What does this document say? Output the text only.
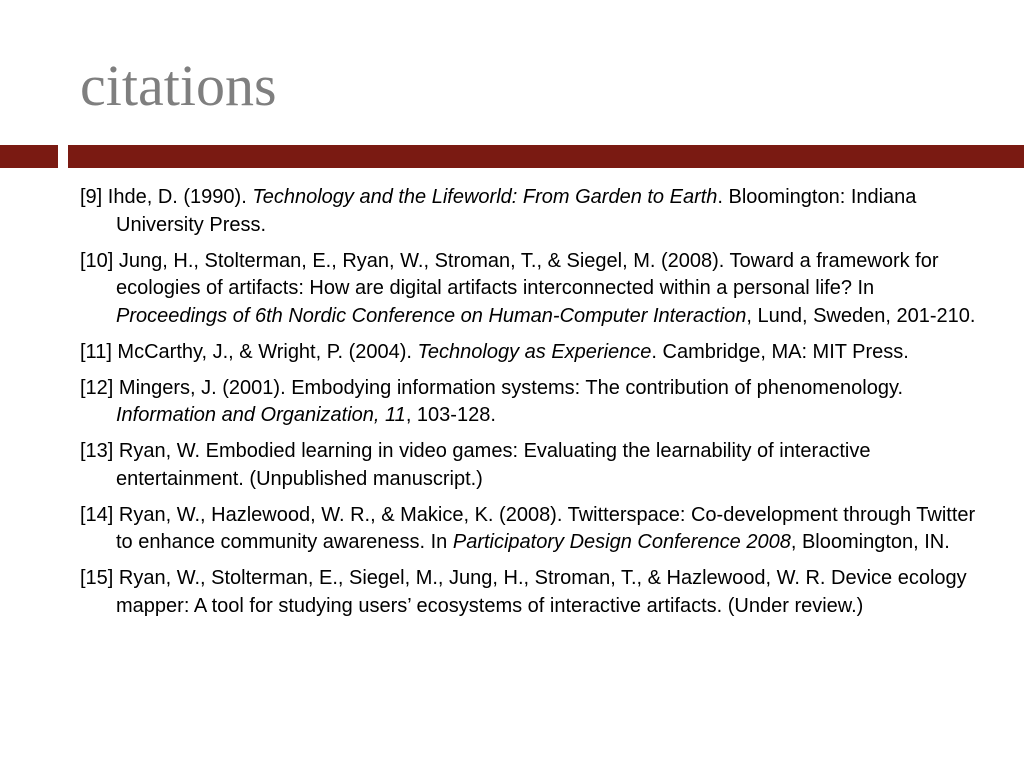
citations
[9] Ihde, D. (1990). Technology and the Lifeworld: From Garden to Earth. Bloomington: Indiana University Press.
[10] Jung, H., Stolterman, E., Ryan, W., Stroman, T., & Siegel, M. (2008). Toward a framework for ecologies of artifacts: How are digital artifacts interconnected within a personal life? In Proceedings of 6th Nordic Conference on Human-Computer Interaction, Lund, Sweden, 201-210.
[11] McCarthy, J., & Wright, P. (2004). Technology as Experience. Cambridge, MA: MIT Press.
[12] Mingers, J. (2001). Embodying information systems: The contribution of phenomenology. Information and Organization, 11, 103-128.
[13] Ryan, W. Embodied learning in video games: Evaluating the learnability of interactive entertainment. (Unpublished manuscript.)
[14] Ryan, W., Hazlewood, W. R., & Makice, K. (2008). Twitterspace: Co-development through Twitter to enhance community awareness. In Participatory Design Conference 2008, Bloomington, IN.
[15] Ryan, W., Stolterman, E., Siegel, M., Jung, H., Stroman, T., & Hazlewood, W. R. Device ecology mapper: A tool for studying users’ ecosystems of interactive artifacts. (Under review.)
